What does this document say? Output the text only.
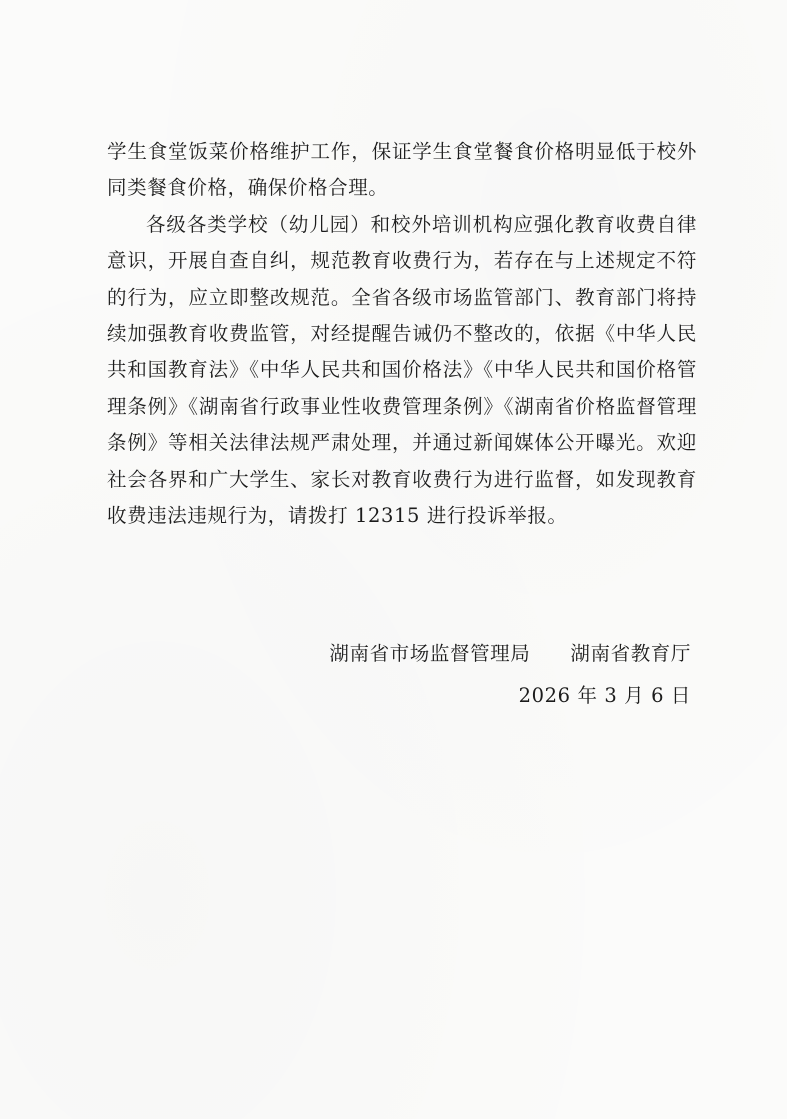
学生食堂饭菜价格维护工作，保证学生食堂餐食价格明显低于校外同类餐食价格，确保价格合理。

各级各类学校（幼儿园）和校外培训机构应强化教育收费自律意识，开展自查自纠，规范教育收费行为，若存在与上述规定不符的行为，应立即整改规范。全省各级市场监管部门、教育部门将持续加强教育收费监管，对经提醒告诫仍不整改的，依据《中华人民共和国教育法》《中华人民共和国价格法》《中华人民共和国价格管理条例》《湖南省行政事业性收费管理条例》《湖南省价格监督管理条例》等相关法律法规严肃处理，并通过新闻媒体公开曝光。欢迎社会各界和广大学生、家长对教育收费行为进行监督，如发现教育收费违法违规行为，请拨打 12315 进行投诉举报。

湖南省市场监督管理局 湖南省教育厅
2026 年 3 月 6 日
